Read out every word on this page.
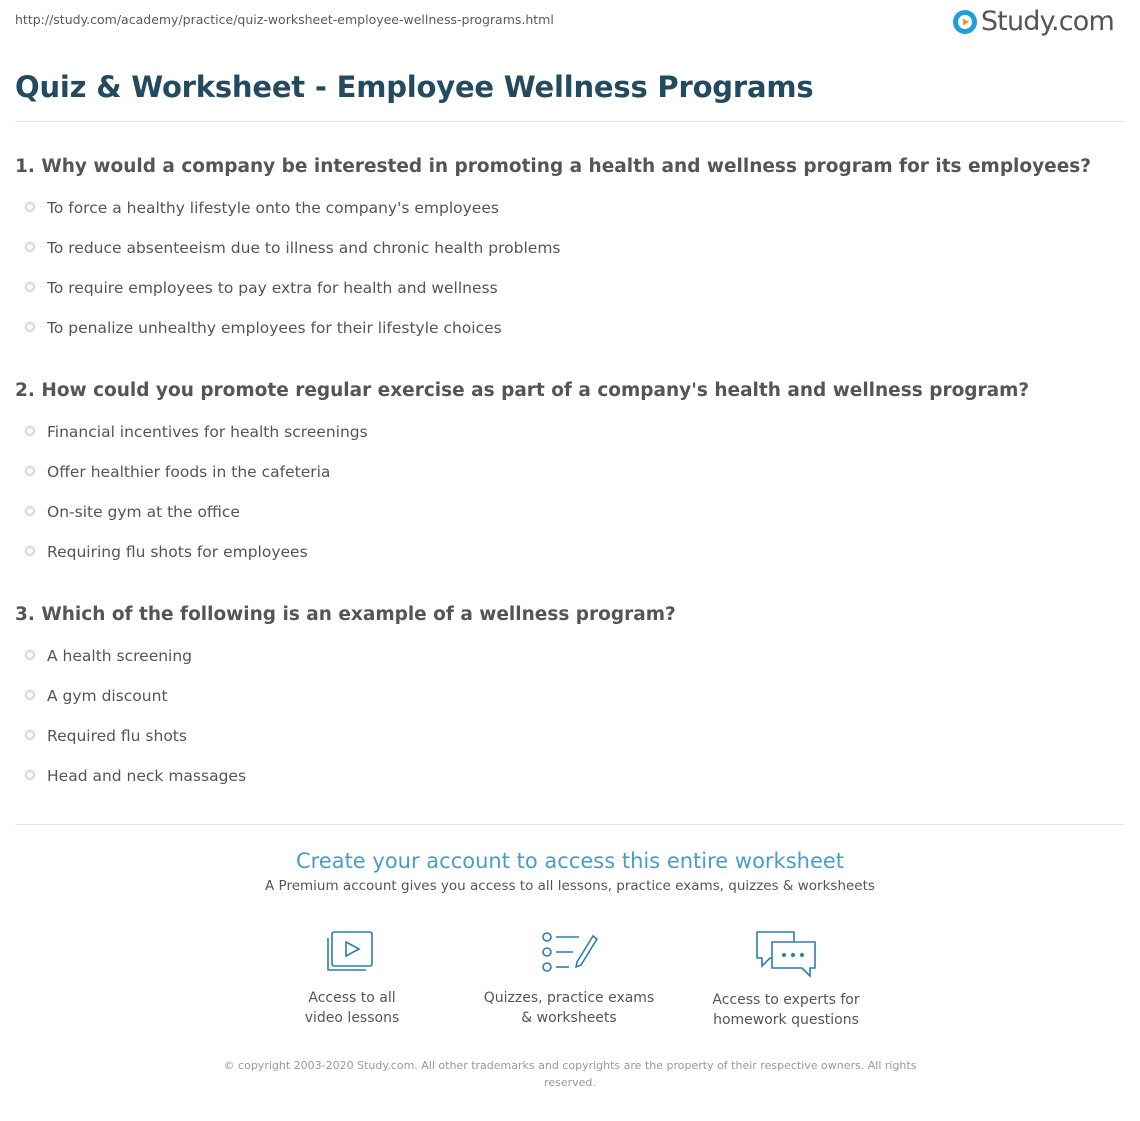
http://study.com/academy/practice/quiz-worksheet-employee-wellness-programs.html	Study.com
Quiz & Worksheet - Employee Wellness Programs

1. Why would a company be interested in promoting a health and wellness program for its employees?

To force a healthy lifestyle onto the company's employees
To reduce absenteeism due to illness and chronic health problems
To require employees to pay extra for health and wellness
To penalize unhealthy employees for their lifestyle choices

2. How could you promote regular exercise as part of a company's health and wellness program?

Financial incentives for health screenings
Offer healthier foods in the cafeteria
On-site gym at the office
Requiring flu shots for employees

3. Which of the following is an example of a wellness program?

A health screening
A gym discount
Required flu shots
Head and neck massages
Create your account to access this entire worksheet

A Premium account gives you access to all lessons, practice exams, quizzes & worksheets

Access to all
video lessons
Quizzes, practice exams
& worksheets
Access to experts for
homework questions
© copyright 2003-2020 Study.com. All other trademarks and copyrights are the property of their respective owners. All rights reserved.
